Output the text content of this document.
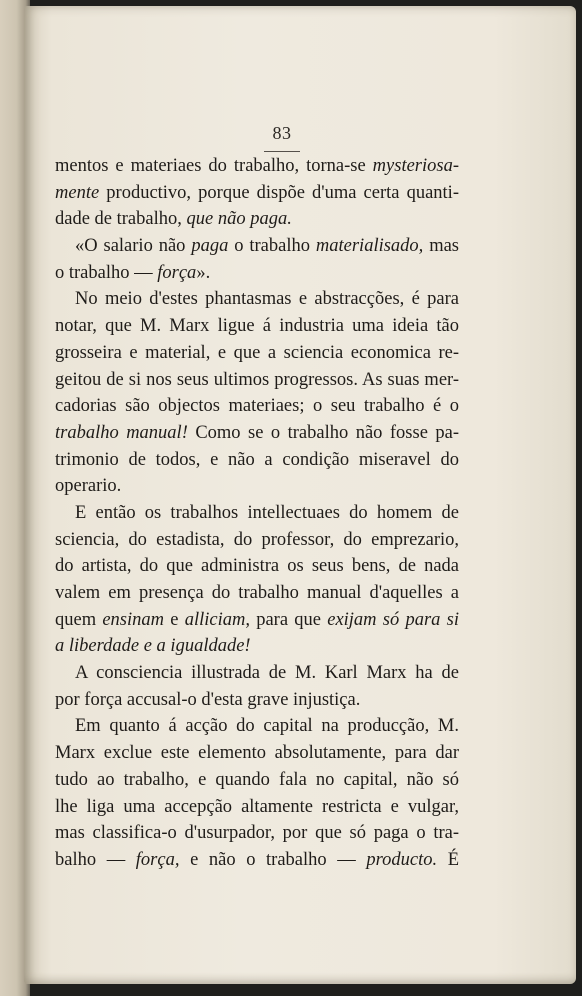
83
mentos e materiaes do trabalho, torna-se mysteriosa-
mente productivo, porque dispõe d'uma certa quanti-
dade de trabalho, que não paga.
«O salario não paga o trabalho materialisado, mas
o trabalho — força».
No meio d'estes phantasmas e abstracções, é para
notar, que M. Marx ligue á industria uma ideia tão
grosseira e material, e que a sciencia economica re-
geitou de si nos seus ultimos progressos. As suas mer-
cadorias são objectos materiaes; o seu trabalho é o
trabalho manual! Como se o trabalho não fosse pa-
trimonio de todos, e não a condição miseravel do
operario.
E então os trabalhos intellectuaes do homem de
sciencia, do estadista, do professor, do emprezario,
do artista, do que administra os seus bens, de nada
valem em presença do trabalho manual d'aquelles a
quem ensinam e alliciam, para que exijam só para si
a liberdade e a igualdade!
A consciencia illustrada de M. Karl Marx ha de
por força accusal-o d'esta grave injustiça.
Em quanto á acção do capital na producção, M.
Marx exclue este elemento absolutamente, para dar
tudo ao trabalho, e quando fala no capital, não só
lhe liga uma accepção altamente restricta e vulgar,
mas classifica-o d'usurpador, por que só paga o tra-
balho — força, e não o trabalho — producto. É
